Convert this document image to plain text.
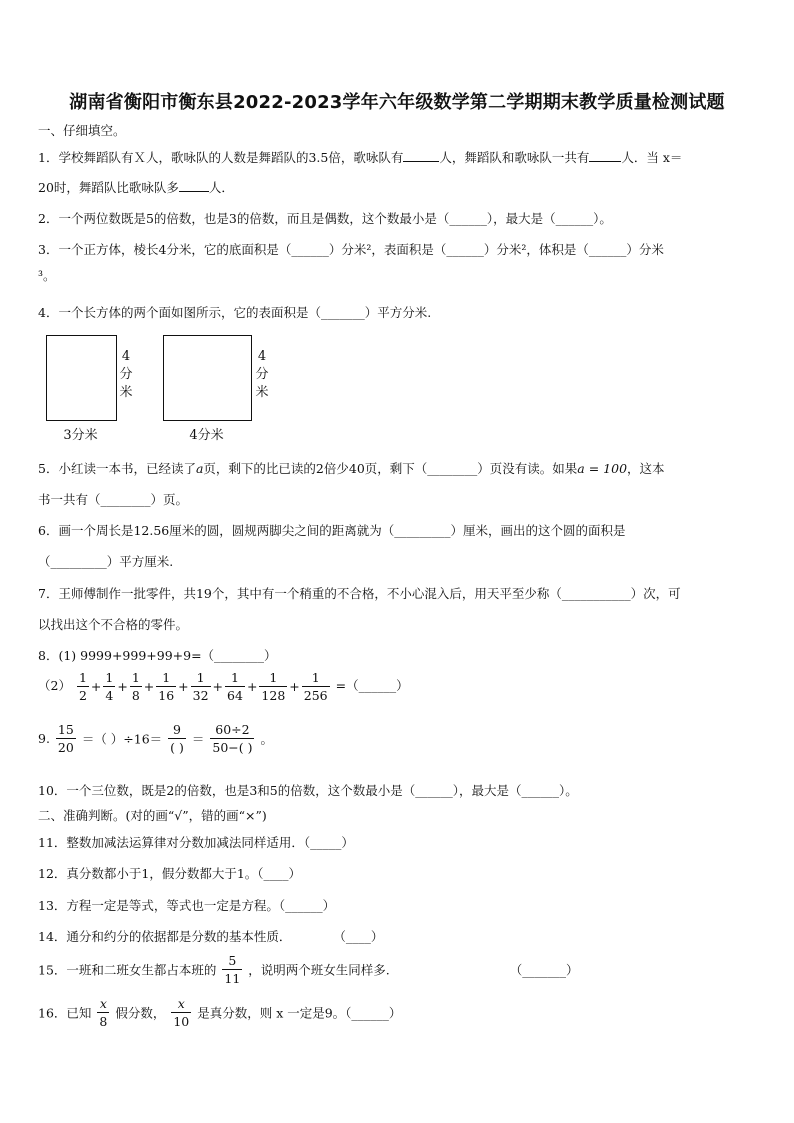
湖南省衡阳市衡东县2022-2023学年六年级数学第二学期期末教学质量检测试题
一、仔细填空。
1．学校舞蹈队有Ｘ人，歌咏队的人数是舞蹈队的3.5倍，歌咏队有	人，舞蹈队和歌咏队一共有	人．当 x＝
20时，舞蹈队比歌咏队多 人．
2．一个两位数既是5的倍数，也是3的倍数，而且是偶数，这个数最小是（______），最大是（______）。
3．一个正方体，棱长4分米，它的底面积是（______）分米²，表面积是（______）分米²，体积是（______）分米
³。
4．一个长方体的两个面如图所示，它的表面积是（_______）平方分米.
4
分
米
3分米
4
分
米
4分米
5．小红读一本书，已经读了a页，剩下的比已读的2倍少40页，剩下（________）页没有读。如果a = 100，这本
书一共有（________）页。
6．画一个周长是12.56厘米的圆，圆规两脚尖之间的距离就为（_________）厘米，画出的这个圆的面积是
（_________）平方厘米.
7．王师傅制作一批零件，共19个，其中有一个稍重的不合格，不小心混入后，用天平至少称（___________）次，可
以找出这个不合格的零件。
8．(1) 9999+999+99+9=（________）
$(2) \frac{1}{2} + \frac{1}{4} + \frac{1}{8} + \frac{1}{16} + \frac{1}{32} + \frac{1}{64} + \frac{1}{128} + \frac{1}{256}$ =（______）
9. $\frac{15}{20}$ ＝（ ）$\div 16= \frac{9}{( )} = \frac{60\div 2}{50-( )}$ 。
10．一个三位数，既是2的倍数，也是3和5的倍数，这个数最小是（______），最大是（______）。
二、准确判断。(对的画“√”，错的画“×”)
11．整数加减法运算律对分数加减法同样适用．（_____）
12．真分数都小于1，假分数都大于1。（____）
13．方程一定是等式，等式也一定是方程。（______）
14．通分和约分的依据都是分数的基本性质．	（____）
15．一班和二班女生都占本班的 $\frac{5}{11}$ ，说明两个班女生同样多.	（_______）
16．已知 $\frac{x}{8}$ 假分数， $\frac{x}{10}$ 是真分数，则 x 一定是9。（______）
